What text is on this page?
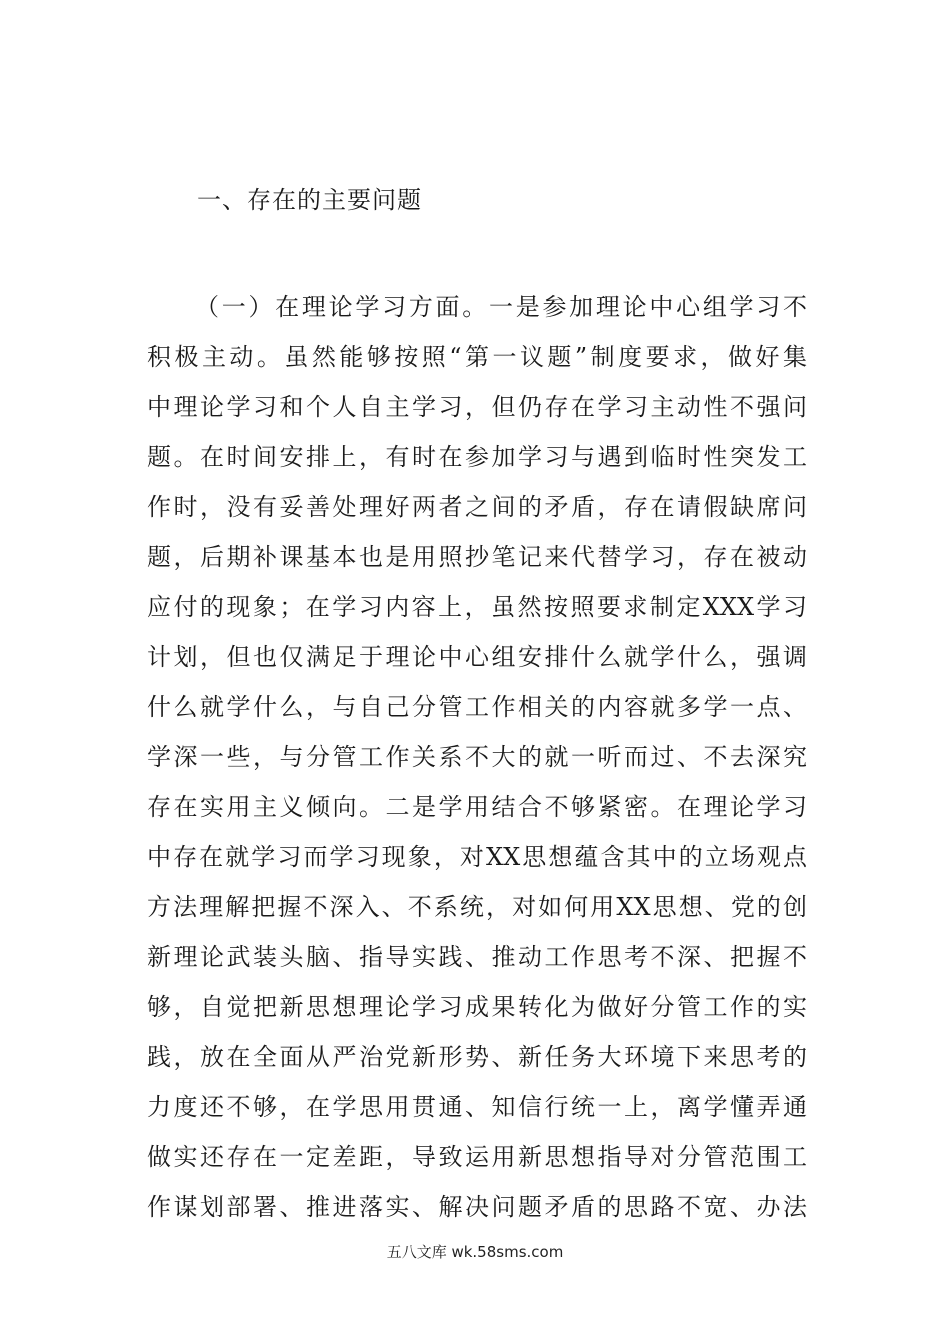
一、存在的主要问题
（一）在理论学习方面。一是参加理论中心组学习不
积极主动。虽然能够按照“第一议题”制度要求，做好集
中理论学习和个人自主学习，但仍存在学习主动性不强问
题。在时间安排上，有时在参加学习与遇到临时性突发工
作时，没有妥善处理好两者之间的矛盾，存在请假缺席问
题，后期补课基本也是用照抄笔记来代替学习，存在被动
应付的现象；在学习内容上，虽然按照要求制定XXX学习
计划，但也仅满足于理论中心组安排什么就学什么，强调
什么就学什么，与自己分管工作相关的内容就多学一点、
学深一些，与分管工作关系不大的就一听而过、不去深究
存在实用主义倾向。二是学用结合不够紧密。在理论学习
中存在就学习而学习现象，对XX思想蕴含其中的立场观点
方法理解把握不深入、不系统，对如何用XX思想、党的创
新理论武装头脑、指导实践、推动工作思考不深、把握不
够，自觉把新思想理论学习成果转化为做好分管工作的实
践，放在全面从严治党新形势、新任务大环境下来思考的
力度还不够，在学思用贯通、知信行统一上，离学懂弄通
做实还存在一定差距，导致运用新思想指导对分管范围工
作谋划部署、推进落实、解决问题矛盾的思路不宽、办法
五八文库 wk.58sms.com
